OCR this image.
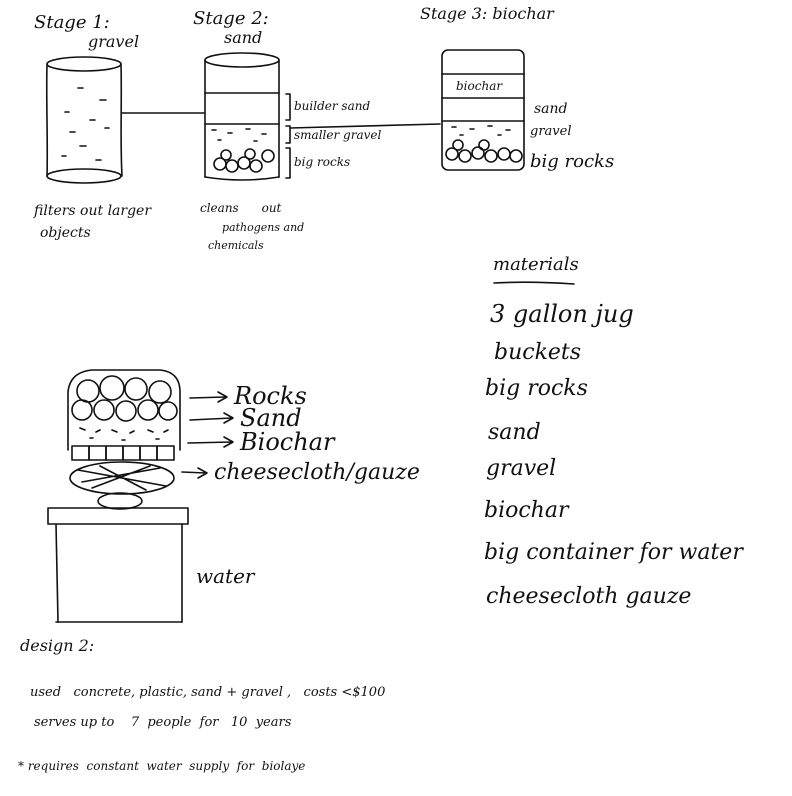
Stage 1:
gravel
filters out larger
objects
Stage 2:
sand
builder sand
smaller gravel
big rocks
cleans      out
pathogens and
chemicals
Stage 3: biochar
biochar
sand
gravel
big rocks
materials
3 gallon jug
buckets
big rocks
sand
gravel
biochar
big container for water
cheesecloth gauze
Rocks
Sand
Biochar
cheesecloth/gauze
water
design 2:
used   concrete, plastic, sand + gravel ,   costs <$100
serves up to    7  people  for   10  years
* requires  constant  water  supply  for  biolaye
